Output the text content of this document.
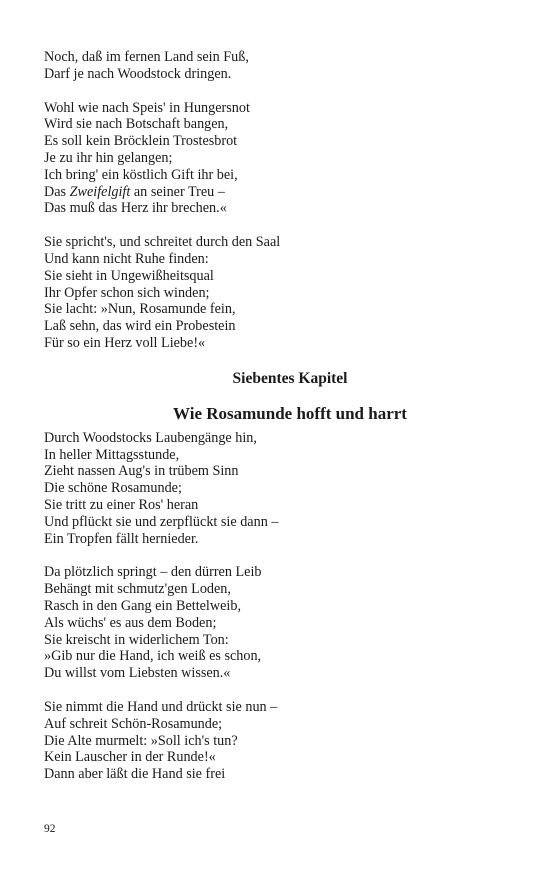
Noch, daß im fernen Land sein Fuß,
Darf je nach Woodstock dringen.
Wohl wie nach Speis' in Hungersnot
Wird sie nach Botschaft bangen,
Es soll kein Bröcklein Trostesbrot
Je zu ihr hin gelangen;
Ich bring' ein köstlich Gift ihr bei,
Das Zweifelgift an seiner Treu –
Das muß das Herz ihr brechen.«
Sie spricht's, und schreitet durch den Saal
Und kann nicht Ruhe finden:
Sie sieht in Ungewißheitsqual
Ihr Opfer schon sich winden;
Sie lacht: »Nun, Rosamunde fein,
Laß sehn, das wird ein Probestein
Für so ein Herz voll Liebe!«
Siebentes Kapitel
Wie Rosamunde hofft und harrt
Durch Woodstocks Laubengänge hin,
In heller Mittagsstunde,
Zieht nassen Aug's in trübem Sinn
Die schöne Rosamunde;
Sie tritt zu einer Ros' heran
Und pflückt sie und zerpflückt sie dann –
Ein Tropfen fällt hernieder.
Da plötzlich springt – den dürren Leib
Behängt mit schmutz'gen Loden,
Rasch in den Gang ein Bettelweib,
Als wüchs' es aus dem Boden;
Sie kreischt in widerlichem Ton:
»Gib nur die Hand, ich weiß es schon,
Du willst vom Liebsten wissen.«
Sie nimmt die Hand und drückt sie nun –
Auf schreit Schön-Rosamunde;
Die Alte murmelt: »Soll ich's tun?
Kein Lauscher in der Runde!«
Dann aber läßt die Hand sie frei
92
